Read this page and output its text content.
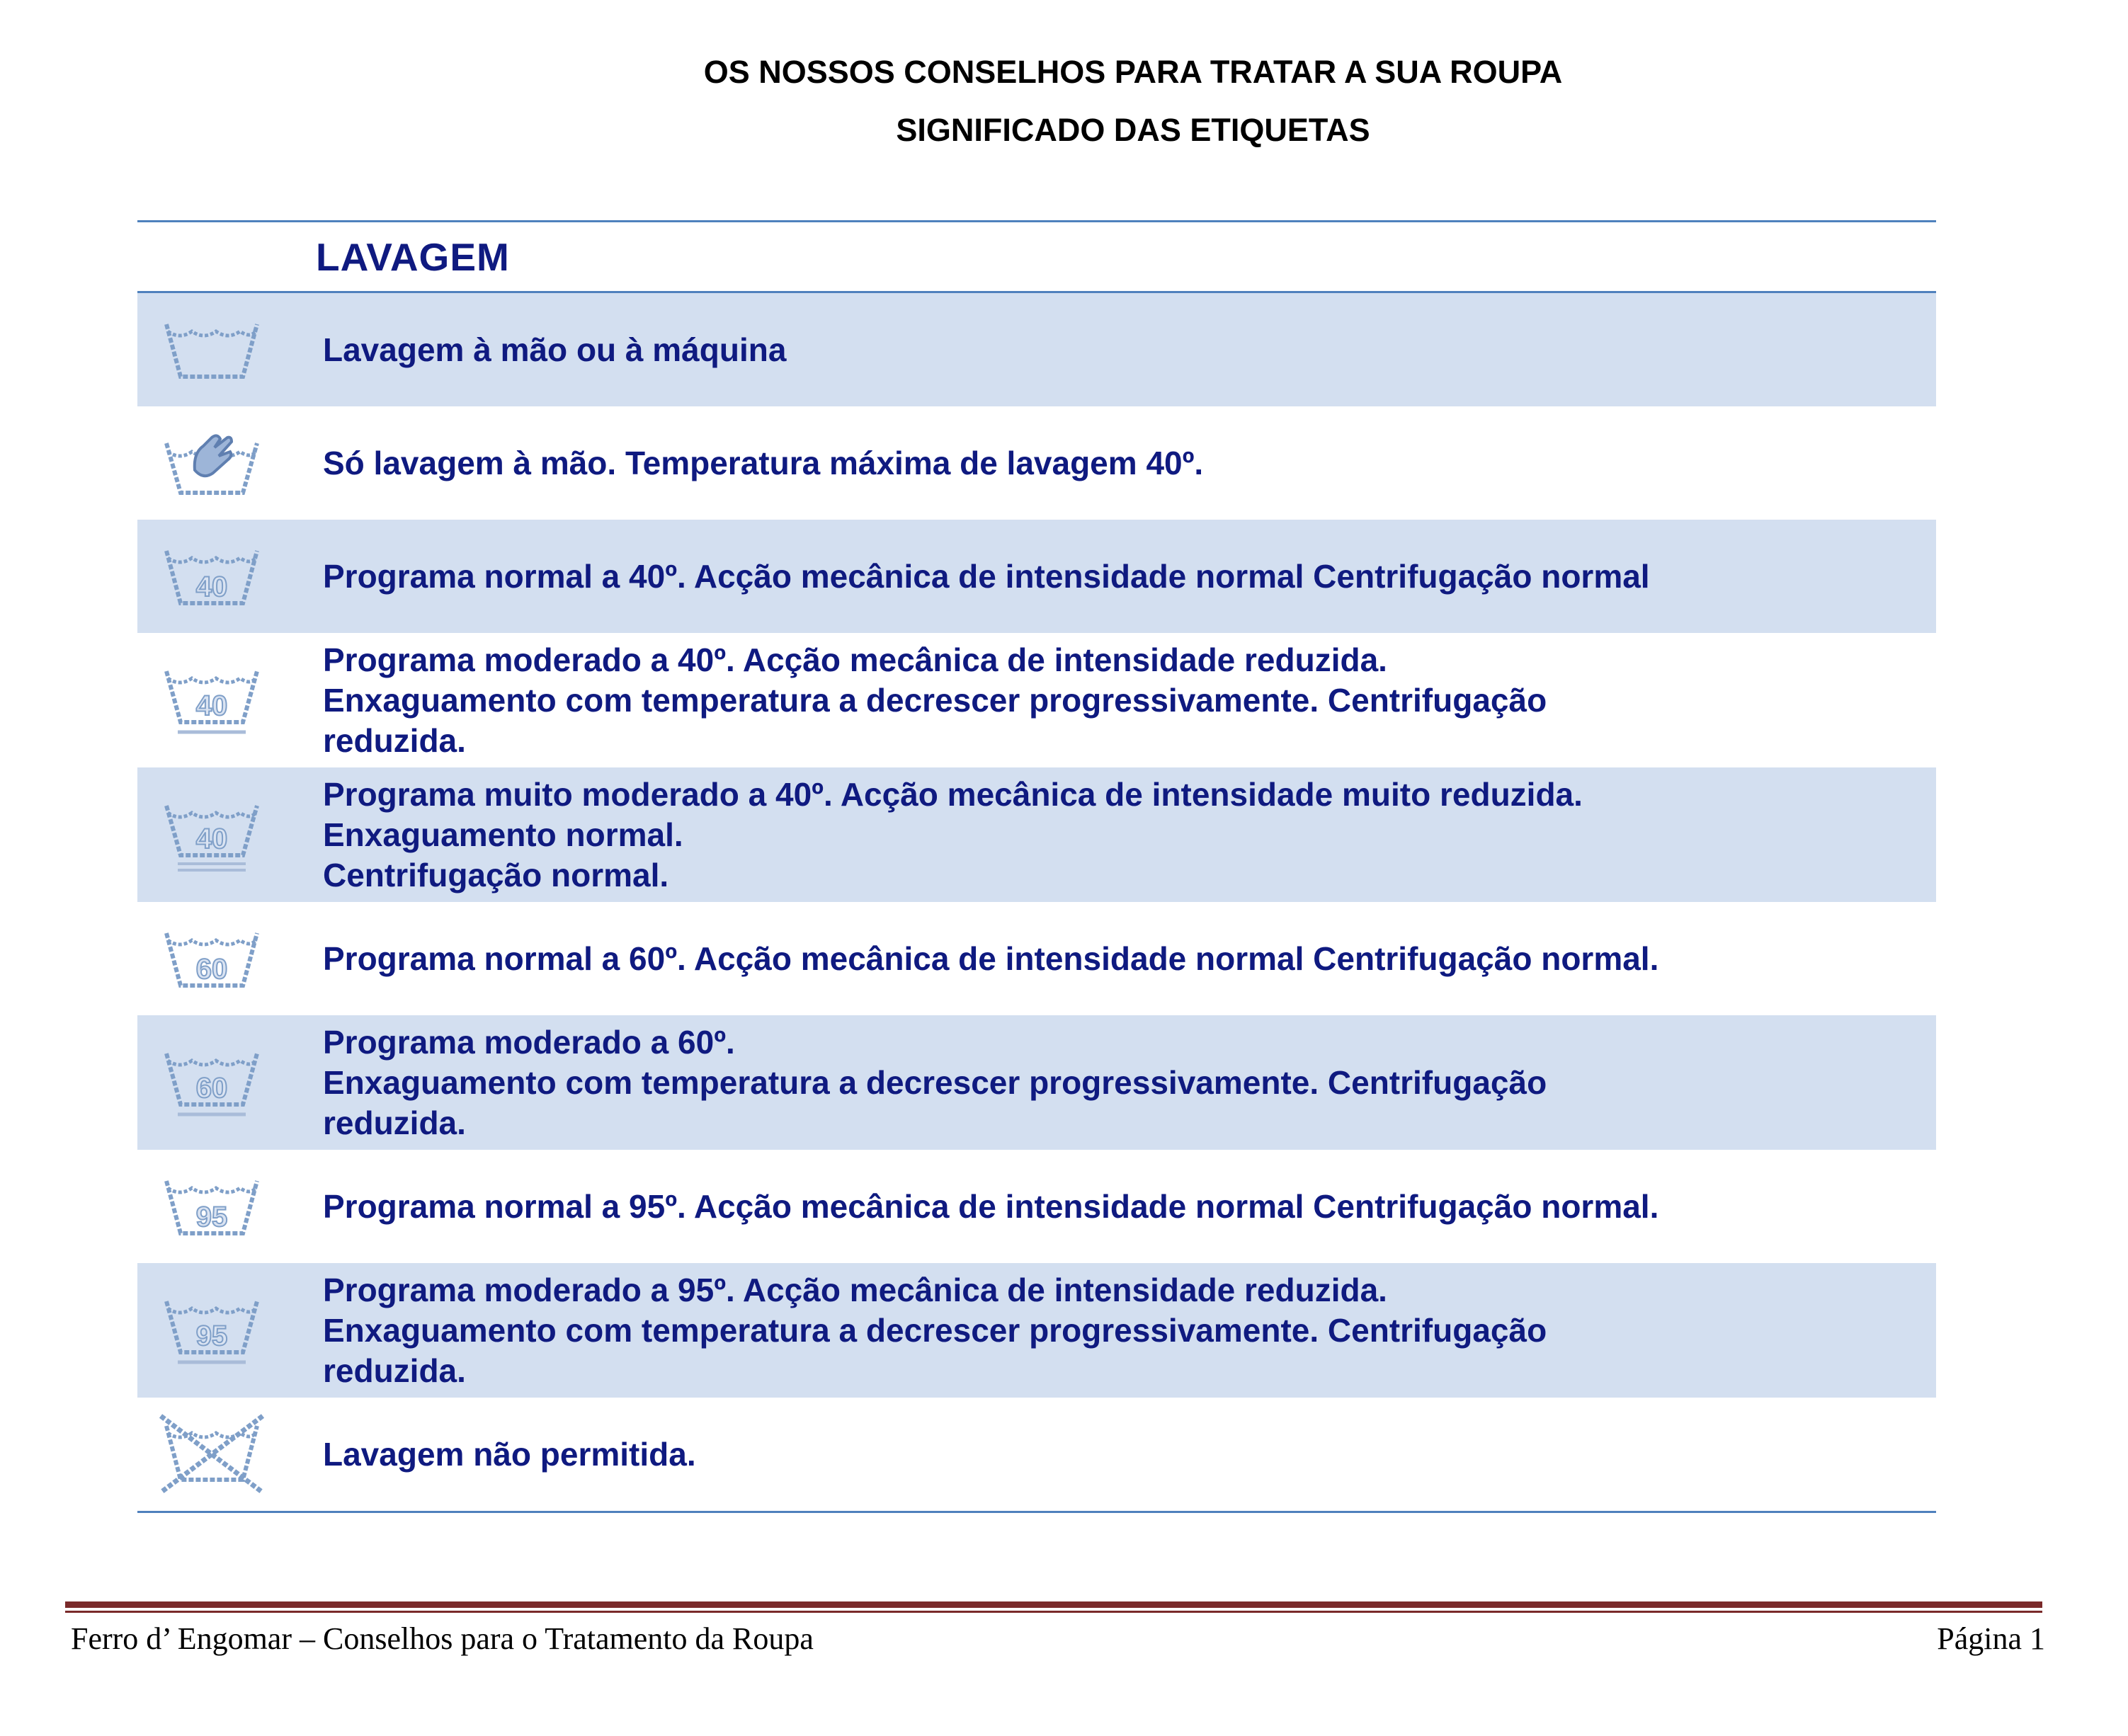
OS NOSSOS CONSELHOS PARA TRATAR A SUA ROUPA
SIGNIFICADO DAS ETIQUETAS
	LAVAGEM

Lavagem à mão ou à máquina

Só lavagem à mão. Temperatura máxima de lavagem 40º.

40	Programa normal a 40º. Acção mecânica de intensidade normal Centrifugação normal

40	Programa moderado a 40º. Acção mecânica de intensidade reduzida.
Enxaguamento com temperatura a decrescer progressivamente. Centrifugação
reduzida.

40	Programa muito moderado a 40º. Acção mecânica de intensidade muito reduzida.
Enxaguamento normal.
Centrifugação normal.

60	Programa normal a 60º. Acção mecânica de intensidade normal Centrifugação normal.

60	Programa moderado a 60º.
Enxaguamento com temperatura a decrescer progressivamente. Centrifugação
reduzida.

95	Programa normal a 95º. Acção mecânica de intensidade normal Centrifugação normal.

95	Programa moderado a 95º. Acção mecânica de intensidade reduzida.
Enxaguamento com temperatura a decrescer progressivamente. Centrifugação
reduzida.

Lavagem não permitida.
Ferro d’ Engomar – Conselhos para o Tratamento da Roupa	Página 1
